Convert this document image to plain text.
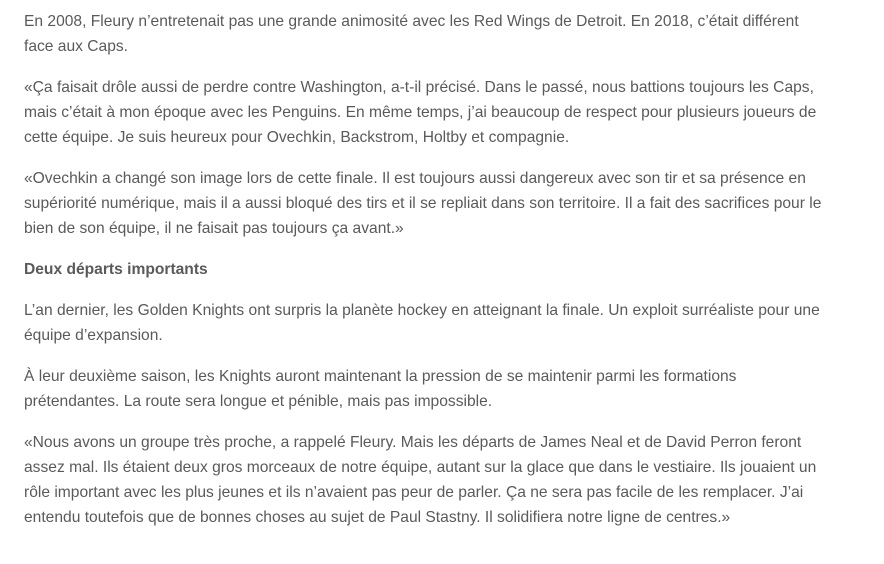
En 2008, Fleury n’entretenait pas une grande animosité avec les Red Wings de Detroit. En 2018, c’était différent face aux Caps.

«Ça faisait drôle aussi de perdre contre Washington, a-t-il précisé. Dans le passé, nous battions toujours les Caps, mais c’était à mon époque avec les Penguins. En même temps, j’ai beaucoup de respect pour plusieurs joueurs de cette équipe. Je suis heureux pour Ovechkin, Backstrom, Holtby et compagnie.

«Ovechkin a changé son image lors de cette finale. Il est toujours aussi dangereux avec son tir et sa présence en supériorité numérique, mais il a aussi bloqué des tirs et il se repliait dans son territoire. Il a fait des sacrifices pour le bien de son équipe, il ne faisait pas toujours ça avant.»

Deux départs importants

L’an dernier, les Golden Knights ont surpris la planète hockey en atteignant la finale. Un exploit surréaliste pour une équipe d’expansion.

À leur deuxième saison, les Knights auront maintenant la pression de se maintenir parmi les formations prétendantes. La route sera longue et pénible, mais pas impossible.

«Nous avons un groupe très proche, a rappelé Fleury. Mais les départs de James Neal et de David Perron feront assez mal. Ils étaient deux gros morceaux de notre équipe, autant sur la glace que dans le vestiaire. Ils jouaient un rôle important avec les plus jeunes et ils n’avaient pas peur de parler. Ça ne sera pas facile de les remplacer. J’ai entendu toutefois que de bonnes choses au sujet de Paul Stastny. Il solidifiera notre ligne de centres.»
